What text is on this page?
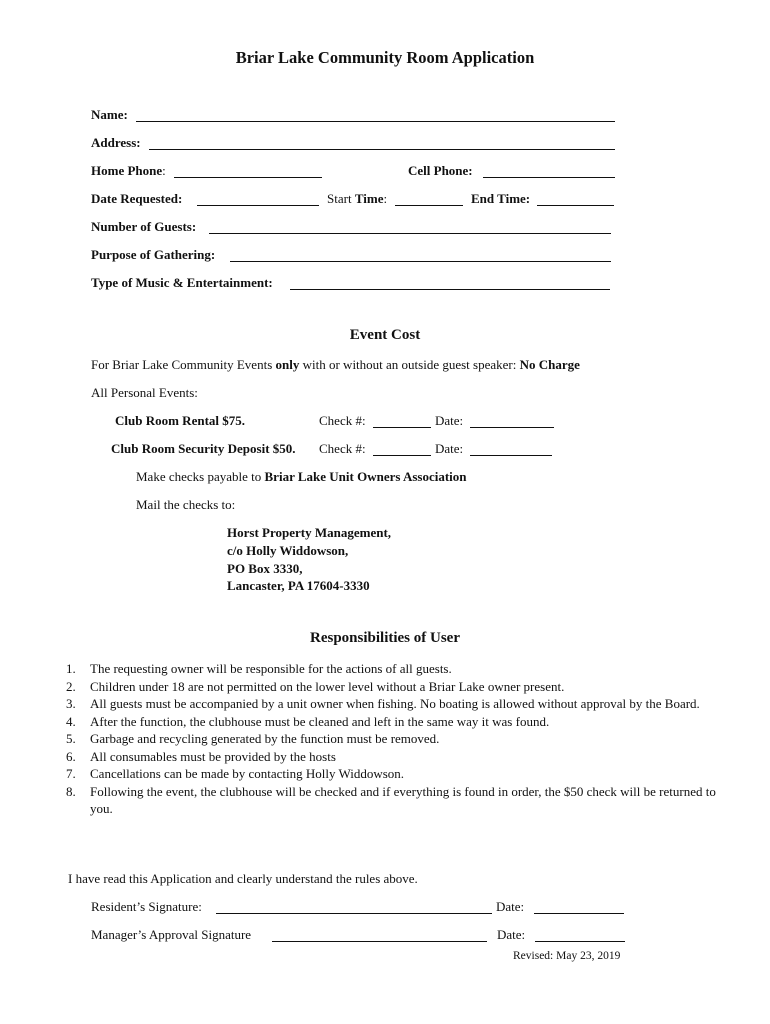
Briar Lake Community Room Application
Name:
Address:
Home Phone:	Cell Phone:
Date Requested:	Start Time:	End Time:
Number of Guests:
Purpose of Gathering:
Type of Music & Entertainment:
Event Cost
For Briar Lake Community Events only with or without an outside guest speaker: No Charge
All Personal Events:
Club Room Rental $75.	Check #:	Date:
Club Room Security Deposit $50. Check #:	Date:
Make checks payable to Briar Lake Unit Owners Association
Mail the checks to:
Horst Property Management,
c/o Holly Widdowson,
PO Box 3330,
Lancaster, PA 17604-3330
Responsibilities of User
1. The requesting owner will be responsible for the actions of all guests.
2. Children under 18 are not permitted on the lower level without a Briar Lake owner present.
3. All guests must be accompanied by a unit owner when fishing. No boating is allowed without approval by the Board.
4. After the function, the clubhouse must be cleaned and left in the same way it was found.
5. Garbage and recycling generated by the function must be removed.
6. All consumables must be provided by the hosts
7. Cancellations can be made by contacting Holly Widdowson.
8. Following the event, the clubhouse will be checked and if everything is found in order, the $50 check will be returned to you.
I have read this Application and clearly understand the rules above.
Resident’s Signature:	Date:
Manager’s Approval Signature	Date:
Revised: May 23, 2019
